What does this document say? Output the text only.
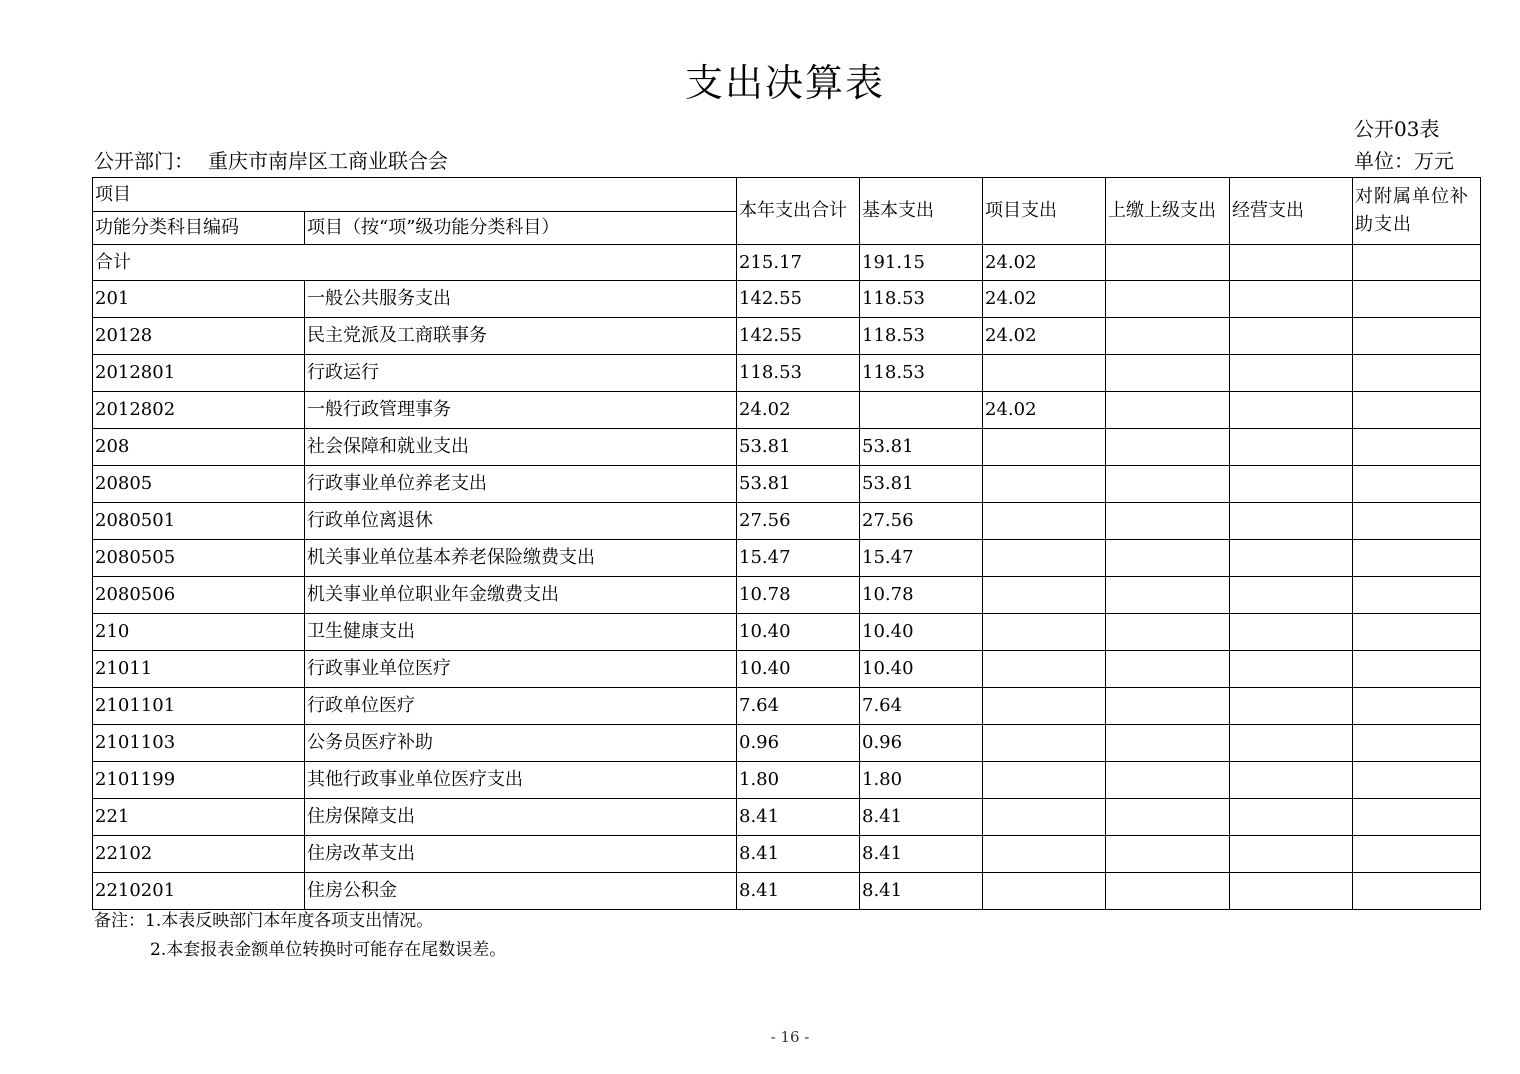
支出决算表
公开03表
公开部门： 重庆市南岸区工商业联合会	单位：万元
项目		本年支出合计	基本支出	项目支出	上缴上级支出	经营支出	对附属单位补助支出
功能分类科目编码	项目（按“项”级功能分类科目）						
合计		215.17	191.15	24.02			
201	一般公共服务支出	142.55	118.53	24.02			
20128	民主党派及工商联事务	142.55	118.53	24.02			
2012801	行政运行	118.53	118.53				
2012802	一般行政管理事务	24.02		24.02			
208	社会保障和就业支出	53.81	53.81				
20805	行政事业单位养老支出	53.81	53.81				
2080501	行政单位离退休	27.56	27.56				
2080505	机关事业单位基本养老保险缴费支出	15.47	15.47				
2080506	机关事业单位职业年金缴费支出	10.78	10.78				
210	卫生健康支出	10.40	10.40				
21011	行政事业单位医疗	10.40	10.40				
2101101	行政单位医疗	7.64	7.64				
2101103	公务员医疗补助	0.96	0.96				
2101199	其他行政事业单位医疗支出	1.80	1.80				
221	住房保障支出	8.41	8.41				
22102	住房改革支出	8.41	8.41				
2210201	住房公积金	8.41	8.41				
备注：1.本表反映部门本年度各项支出情况。
2.本套报表金额单位转换时可能存在尾数误差。
- 16 -
